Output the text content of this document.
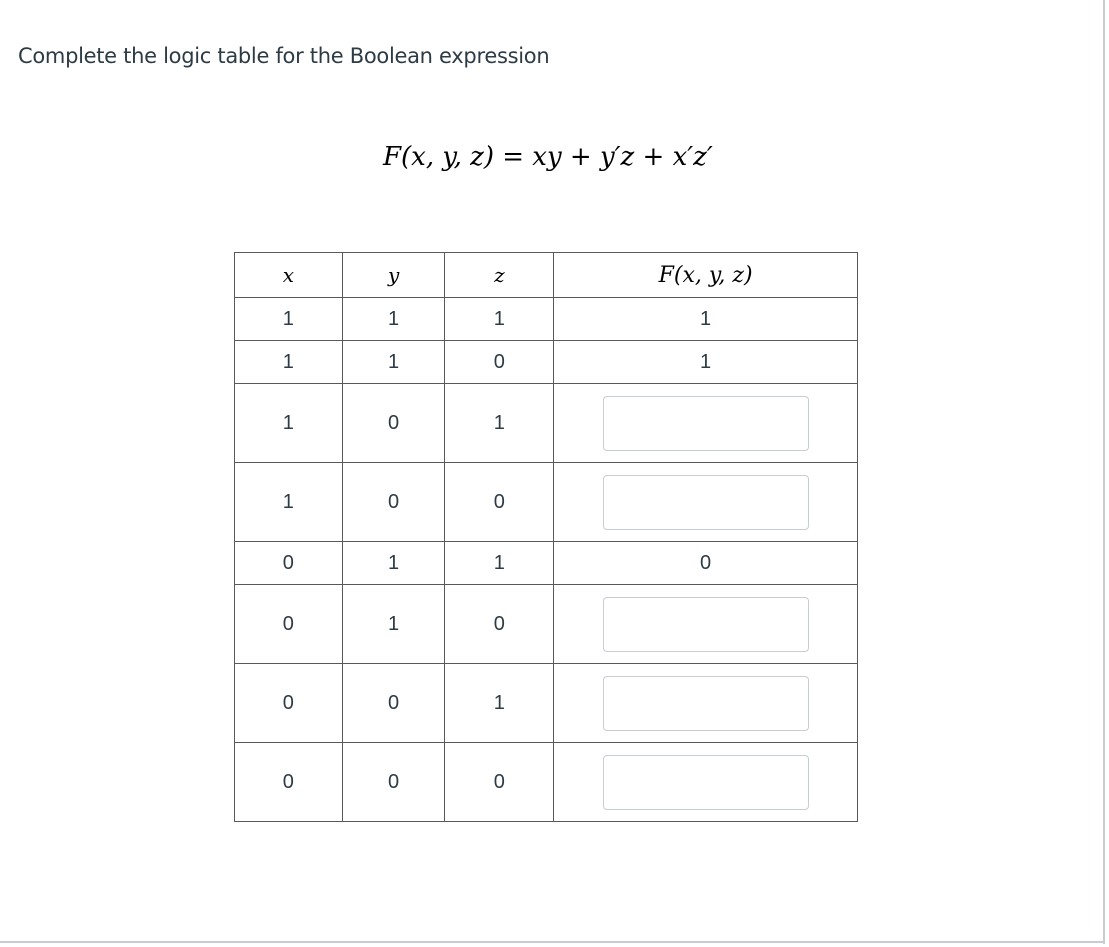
Complete the logic table for the Boolean expression
F(x, y, z) = xy + y′z + x′z′
x	y	z	F(x, y, z)
1	1	1	1
1	1	0	1
1	0	1	

1	0	0	

0	1	1	0
0	1	0	

0	0	1	

0	0	0	
